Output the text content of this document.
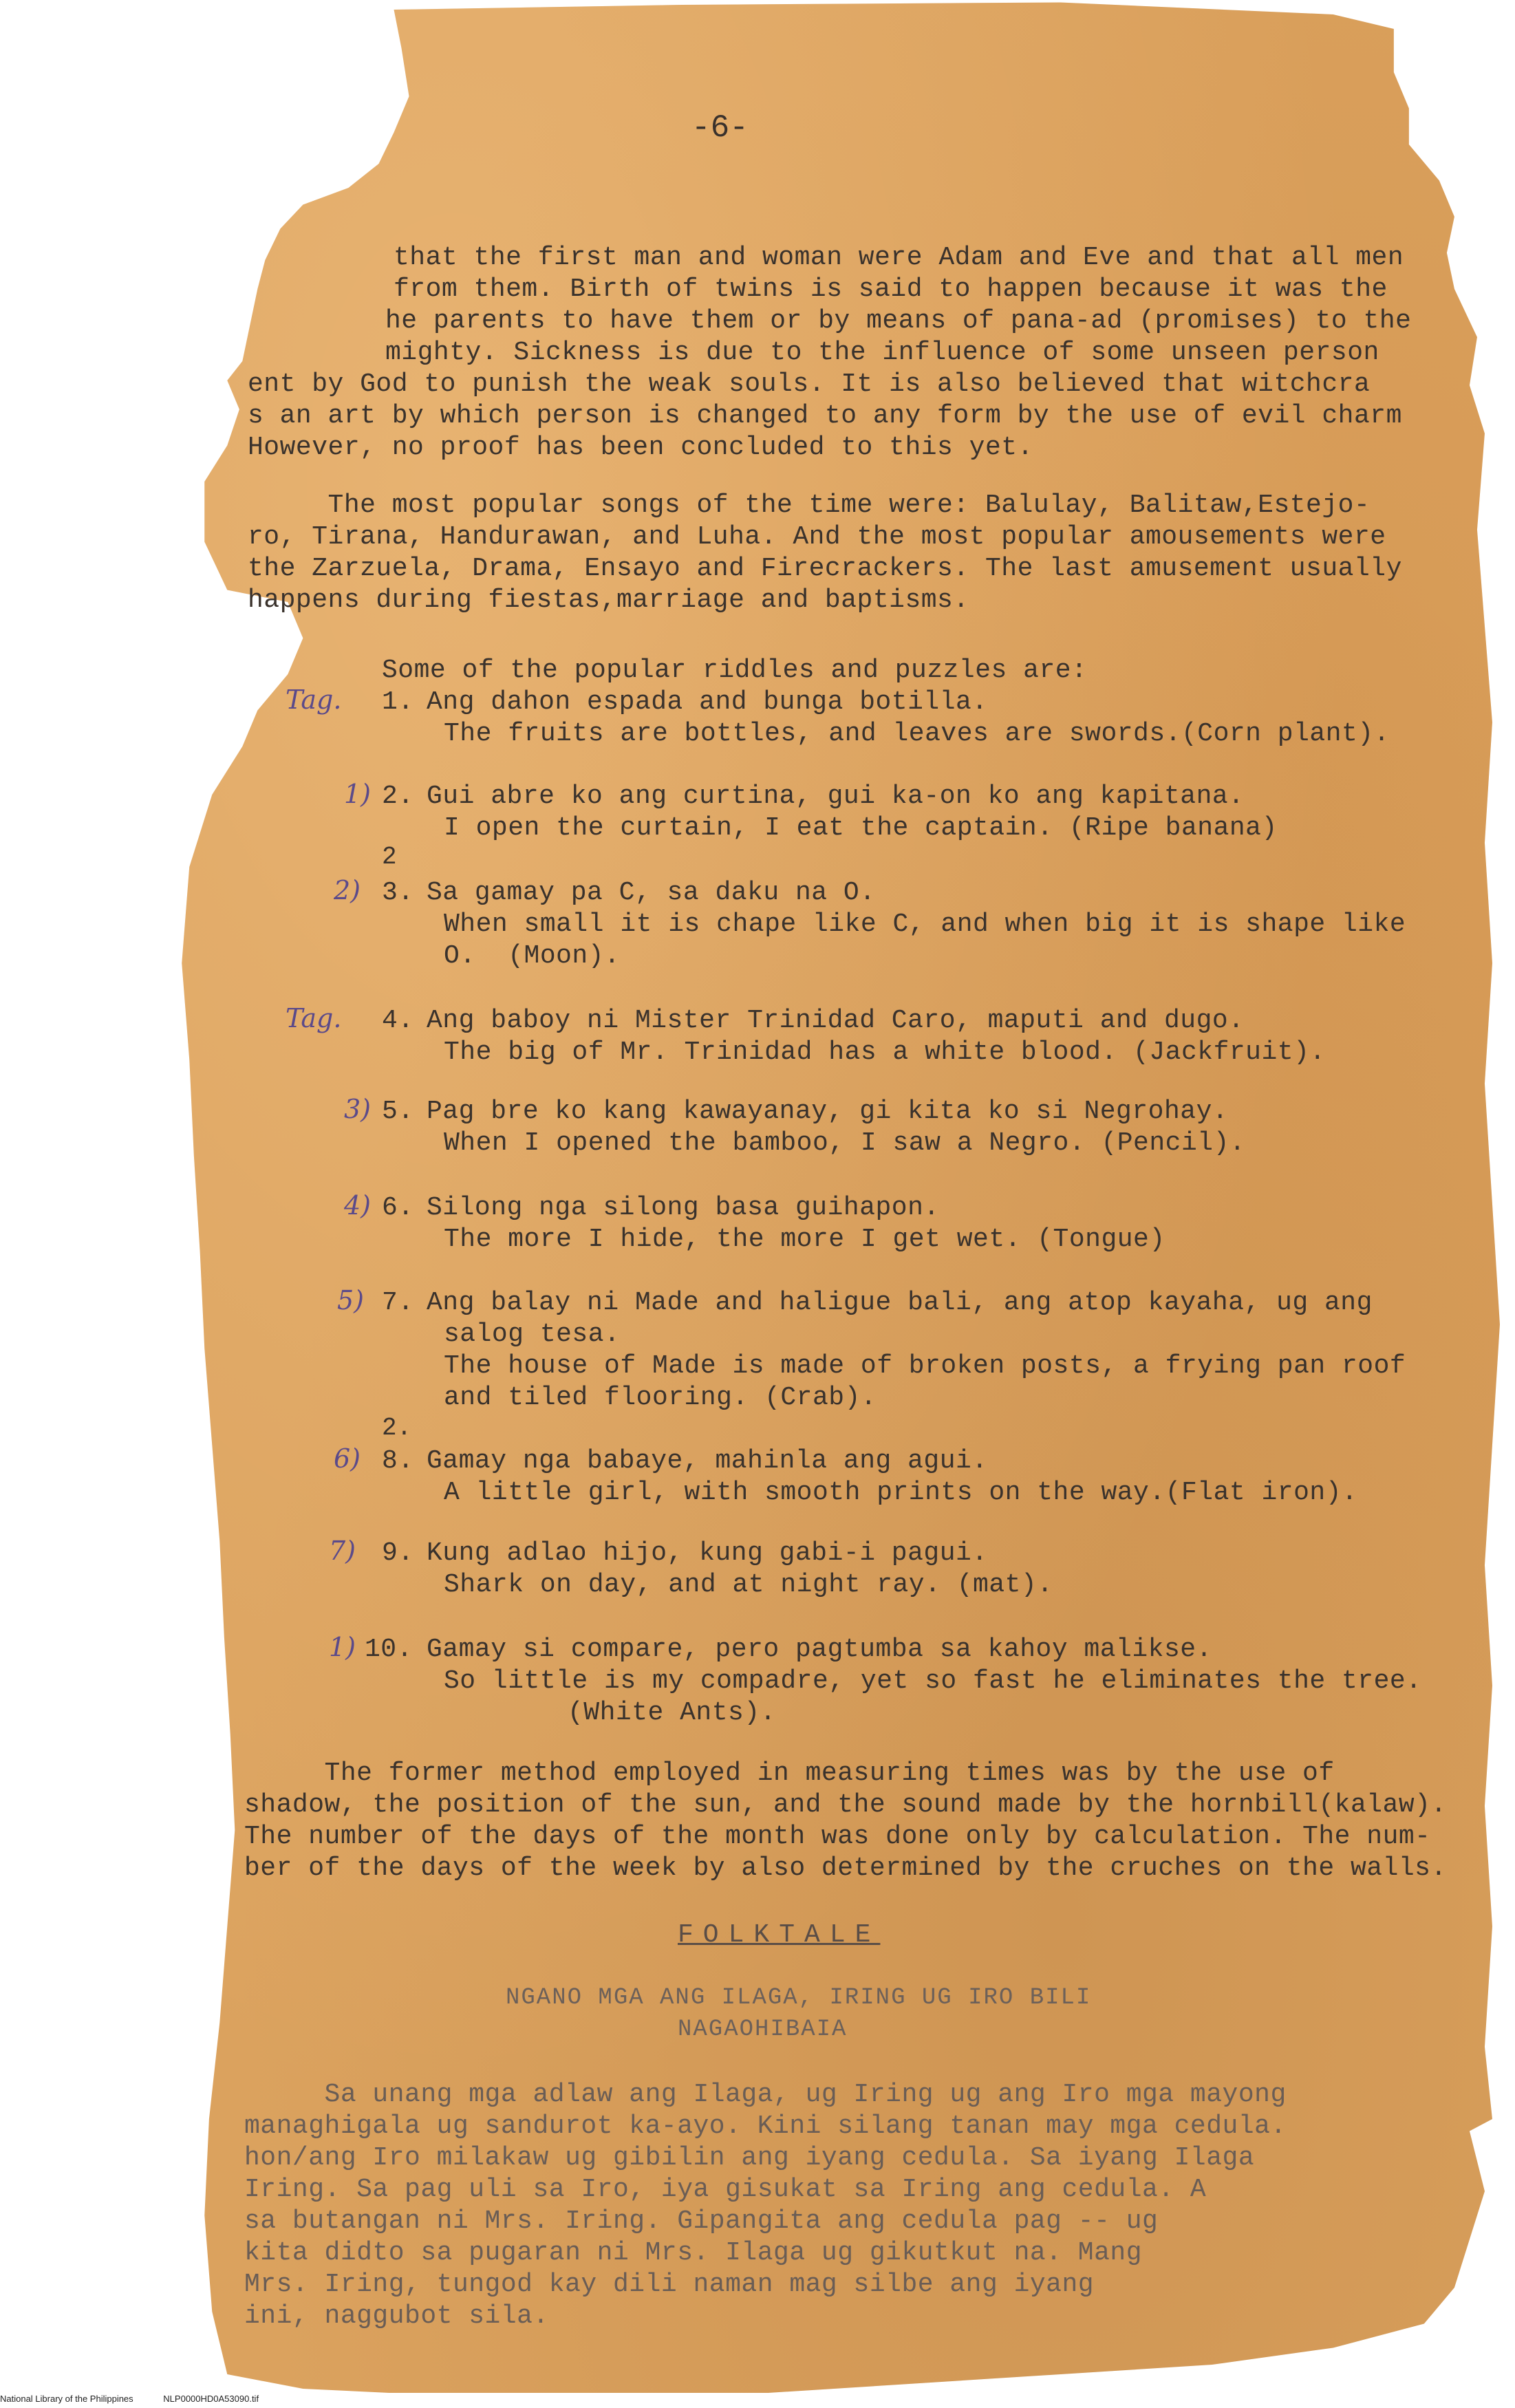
-6-
that the first man and woman were Adam and Eve and that all men
from them. Birth of twins is said to happen because it was the
he parents to have them or by means of pana-ad (promises) to the
mighty. Sickness is due to the influence of some unseen person
ent by God to punish the weak souls. It is also believed that witchcra
s an art by which person is changed to any form by the use of evil charm
However, no proof has been concluded to this yet.
The most popular songs of the time were: Balulay, Balitaw,Estejo-
ro, Tirana, Handurawan, and Luha. And the most popular amousements were
the Zarzuela, Drama, Ensayo and Firecrackers. The last amusement usually
happens during fiestas,marriage and baptisms.
Some of the popular riddles and puzzles are:
Tag. 1. Ang dahon espada and bunga botilla.
The fruits are bottles, and leaves are swords.(Corn plant).
1) 2. Gui abre ko ang curtina, gui ka-on ko ang kapitana.
I open the curtain, I eat the captain. (Ripe banana)
2
2) 3. Sa gamay pa C, sa daku na O.
When small it is chape like C, and when big it is shape like
O.  (Moon).
Tag. 4. Ang baboy ni Mister Trinidad Caro, maputi and dugo.
The big of Mr. Trinidad has a white blood. (Jackfruit).
3) 5. Pag bre ko kang kawayanay, gi kita ko si Negrohay.
When I opened the bamboo, I saw a Negro. (Pencil).
4) 6. Silong nga silong basa guihapon.
The more I hide, the more I get wet. (Tongue)
5) 7. Ang balay ni Made and haligue bali, ang atop kayaha, ug ang
salog tesa.
The house of Made is made of broken posts, a frying pan roof
and tiled flooring. (Crab).
2.
6) 8. Gamay nga babaye, mahinla ang agui.
A little girl, with smooth prints on the way.(Flat iron).
7) 9. Kung adlao hijo, kung gabi-i pagui.
Shark on day, and at night ray. (mat).
1) 10. Gamay si compare, pero pagtumba sa kahoy malikse.
So little is my compadre, yet so fast he eliminates the tree.
(White Ants).
The former method employed in measuring times was by the use of
shadow, the position of the sun, and the sound made by the hornbill(kalaw).
The number of the days of the month was done only by calculation. The num-
ber of the days of the week by also determined by the cruches on the walls.
FOLKTALE
NGANO MGA ANG ILAGA, IRING UG IRO BILI
NAGAOHIBAIA
Sa unang mga adlaw ang Ilaga, ug Iring ug ang Iro mga mayong
managhigala ug sandurot ka-ayo. Kini silang tanan may mga cedula.
hon/ang Iro milakaw ug gibilin ang iyang cedula. Sa iyang Ilaga
Iring. Sa pag uli sa Iro, iya gisukat sa Iring ang cedula. A
sa butangan ni Mrs. Iring. Gipangita ang cedula pag -- ug
kita didto sa pugaran ni Mrs. Ilaga ug gikutkut na. Mang
Mrs. Iring, tungod kay dili naman mag silbe ang iyang
ini, naggubot sila.
National Library of the Philippines	NLP0000HD0A53090.tif
